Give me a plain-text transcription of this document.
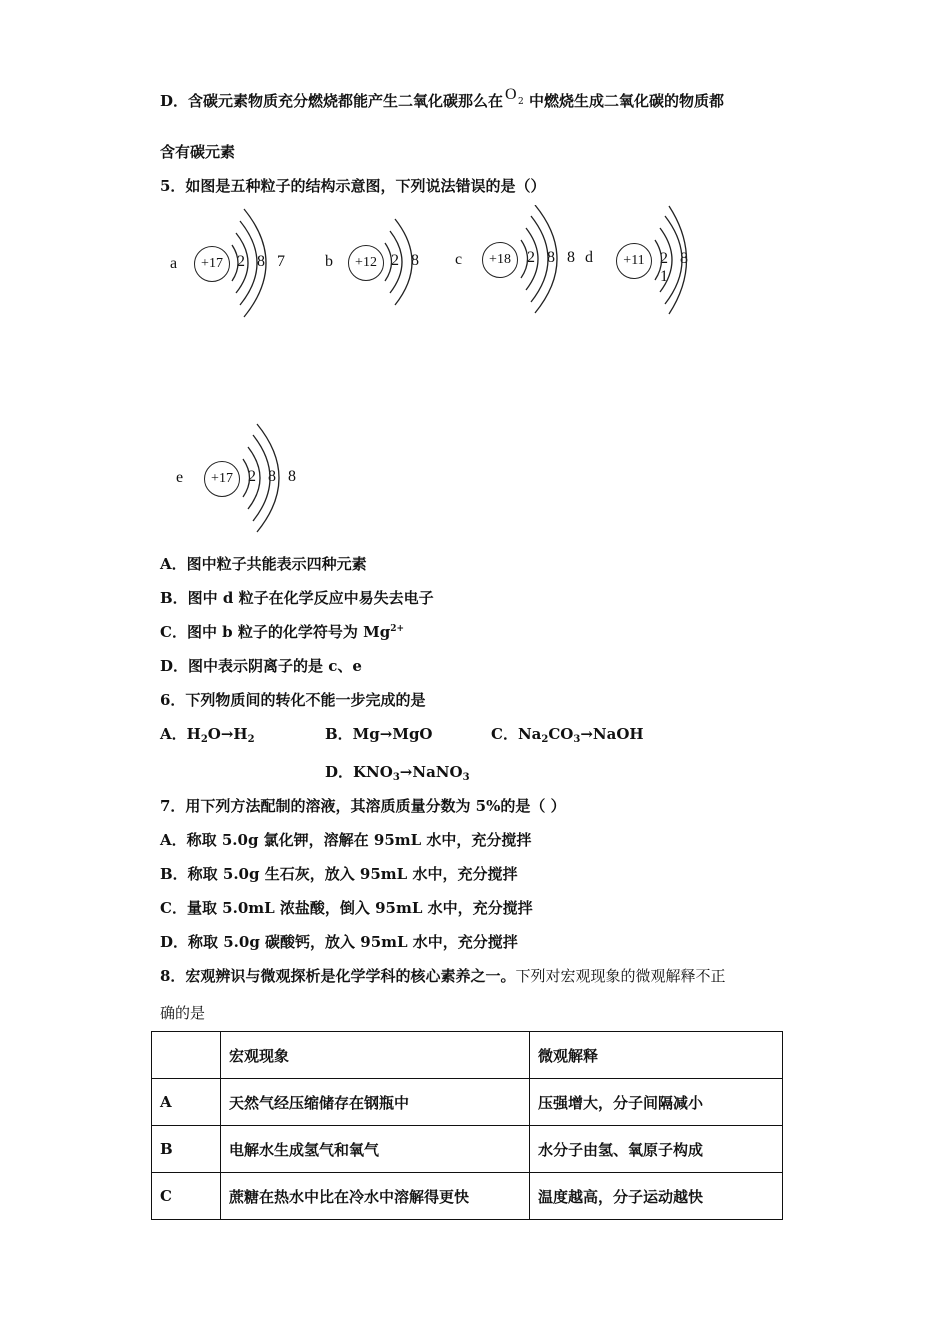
D．含碳元素物质充分燃烧都能产生二氧化碳那么在 O 2 中燃烧生成二氧化碳的物质都
含有碳元素
5．如图是五种粒子的结构示意图，下列说法错误的是（）
a	+17 2 8 7 b	+12 2 8 c	+18	2 8 8 d	+11 2 8 1
e	+17 2 8 8
A．图中粒子共能表示四种元素
B．图中 d 粒子在化学反应中易失去电子
C．图中 b 粒子的化学符号为 $Mg^{2+}$
D．图中表示阴离子的是 c、e
6．下列物质间的转化不能一步完成的是
A．$H_2O\to H_2$	B．Mg→MgO	C．$Na_2CO_3\to NaOH$
D．$KNO_3\to NaNO_3$
7．用下列方法配制的溶液，其溶质质量分数为 5%的是（ ）
A．称取 5.0g 氯化钾，溶解在 95mL 水中，充分搅拌
B．称取 5.0g 生石灰，放入 95mL 水中，充分搅拌
C．量取 5.0mL 浓盐酸，倒入 95mL 水中，充分搅拌
D．称取 5.0g 碳酸钙，放入 95mL 水中，充分搅拌
8．宏观辨识与微观探析是化学学科的核心素养之一。下列对宏观现象的微观解释不正
确的是
	宏观现象	微观解释
A	天然气经压缩储存在钢瓶中	压强增大，分子间隔减小
B	电解水生成氢气和氧气	水分子由氢、氧原子构成
C	蔗糖在热水中比在冷水中溶解得更快	温度越高，分子运动越快
